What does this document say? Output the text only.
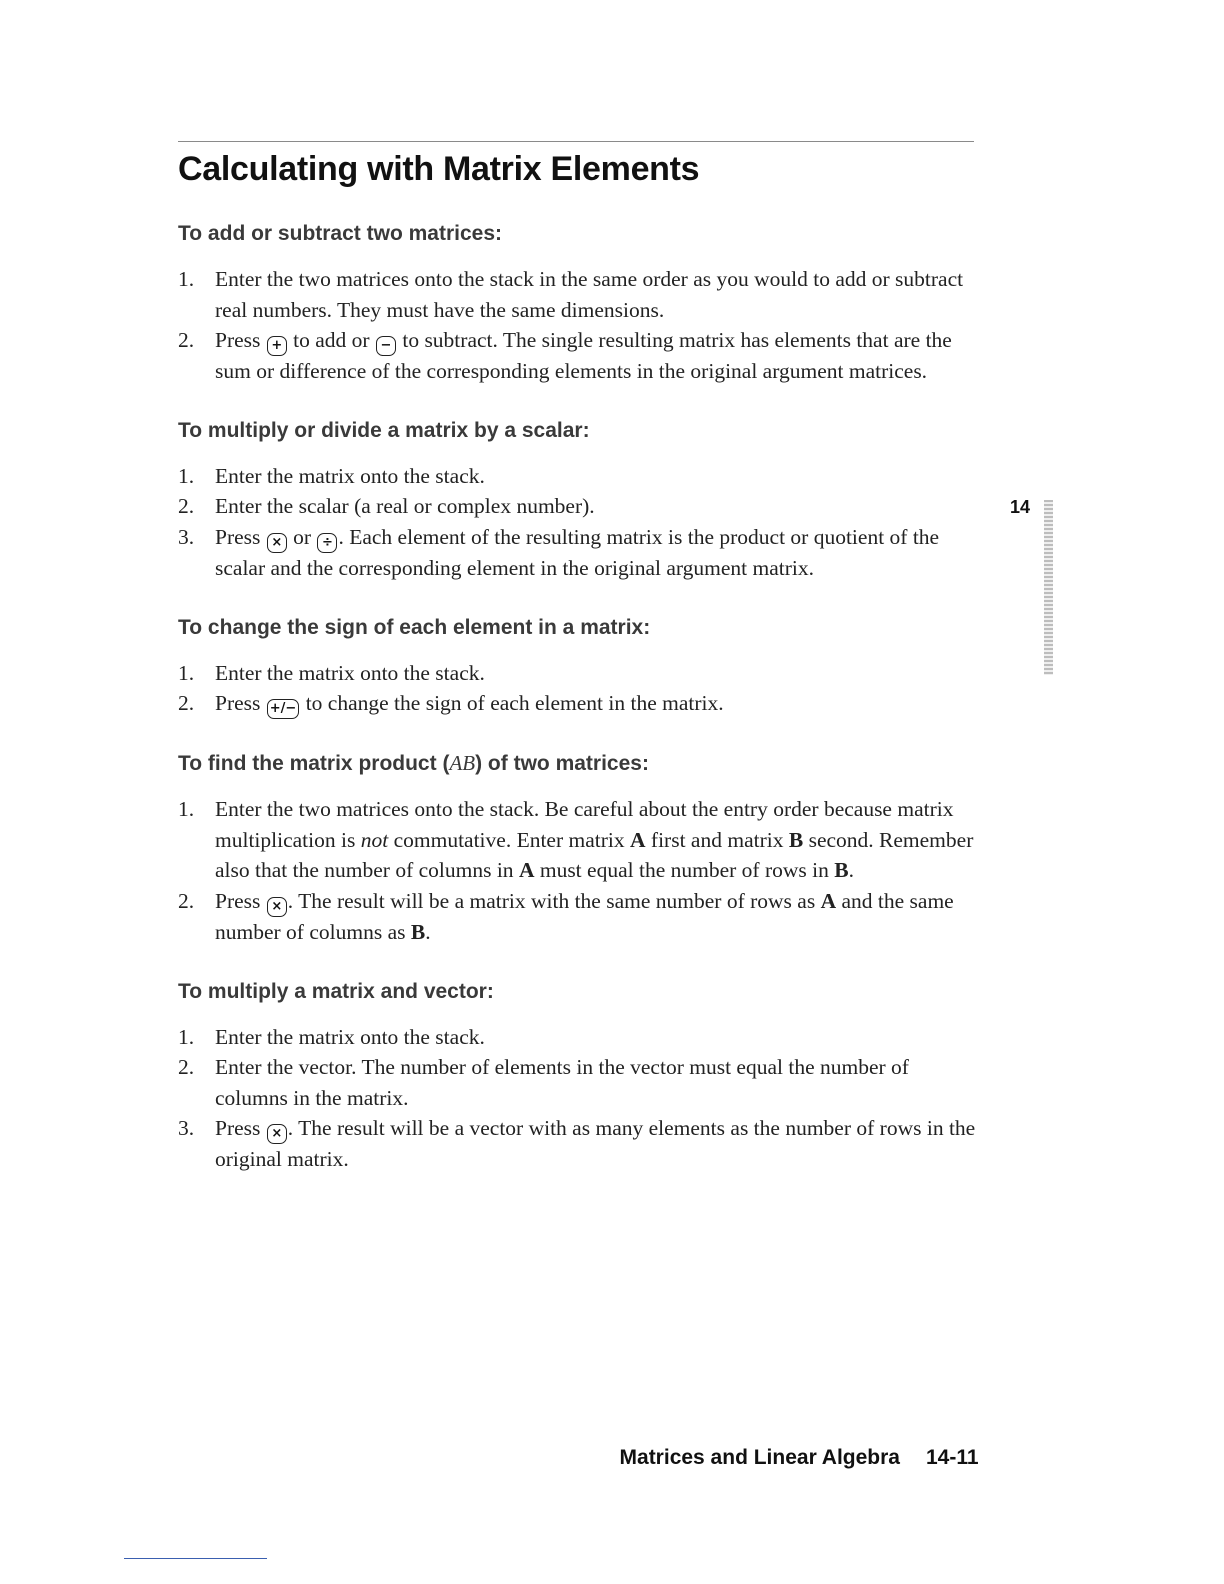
Calculating with Matrix Elements
To add or subtract two matrices:
1. Enter the two matrices onto the stack in the same order as you would to add or subtract real numbers. They must have the same dimensions.
2. Press + to add or − to subtract. The single resulting matrix has elements that are the sum or difference of the corresponding elements in the original argument matrices.
To multiply or divide a matrix by a scalar:
1. Enter the matrix onto the stack.
2. Enter the scalar (a real or complex number).
3. Press × or ÷ . Each element of the resulting matrix is the product or quotient of the scalar and the corresponding element in the original argument matrix.
To change the sign of each element in a matrix:
1. Enter the matrix onto the stack.
2. Press +/− to change the sign of each element in the matrix.
To find the matrix product (AB) of two matrices:
1. Enter the two matrices onto the stack. Be careful about the entry order because matrix multiplication is not commutative. Enter matrix A first and matrix B second. Remember also that the number of columns in A must equal the number of rows in B.
2. Press × . The result will be a matrix with the same number of rows as A and the same number of columns as B.
To multiply a matrix and vector:
1. Enter the matrix onto the stack.
2. Enter the vector. The number of elements in the vector must equal the number of columns in the matrix.
3. Press × . The result will be a vector with as many elements as the number of rows in the original matrix.
14
Matrices and Linear Algebra 14-11
